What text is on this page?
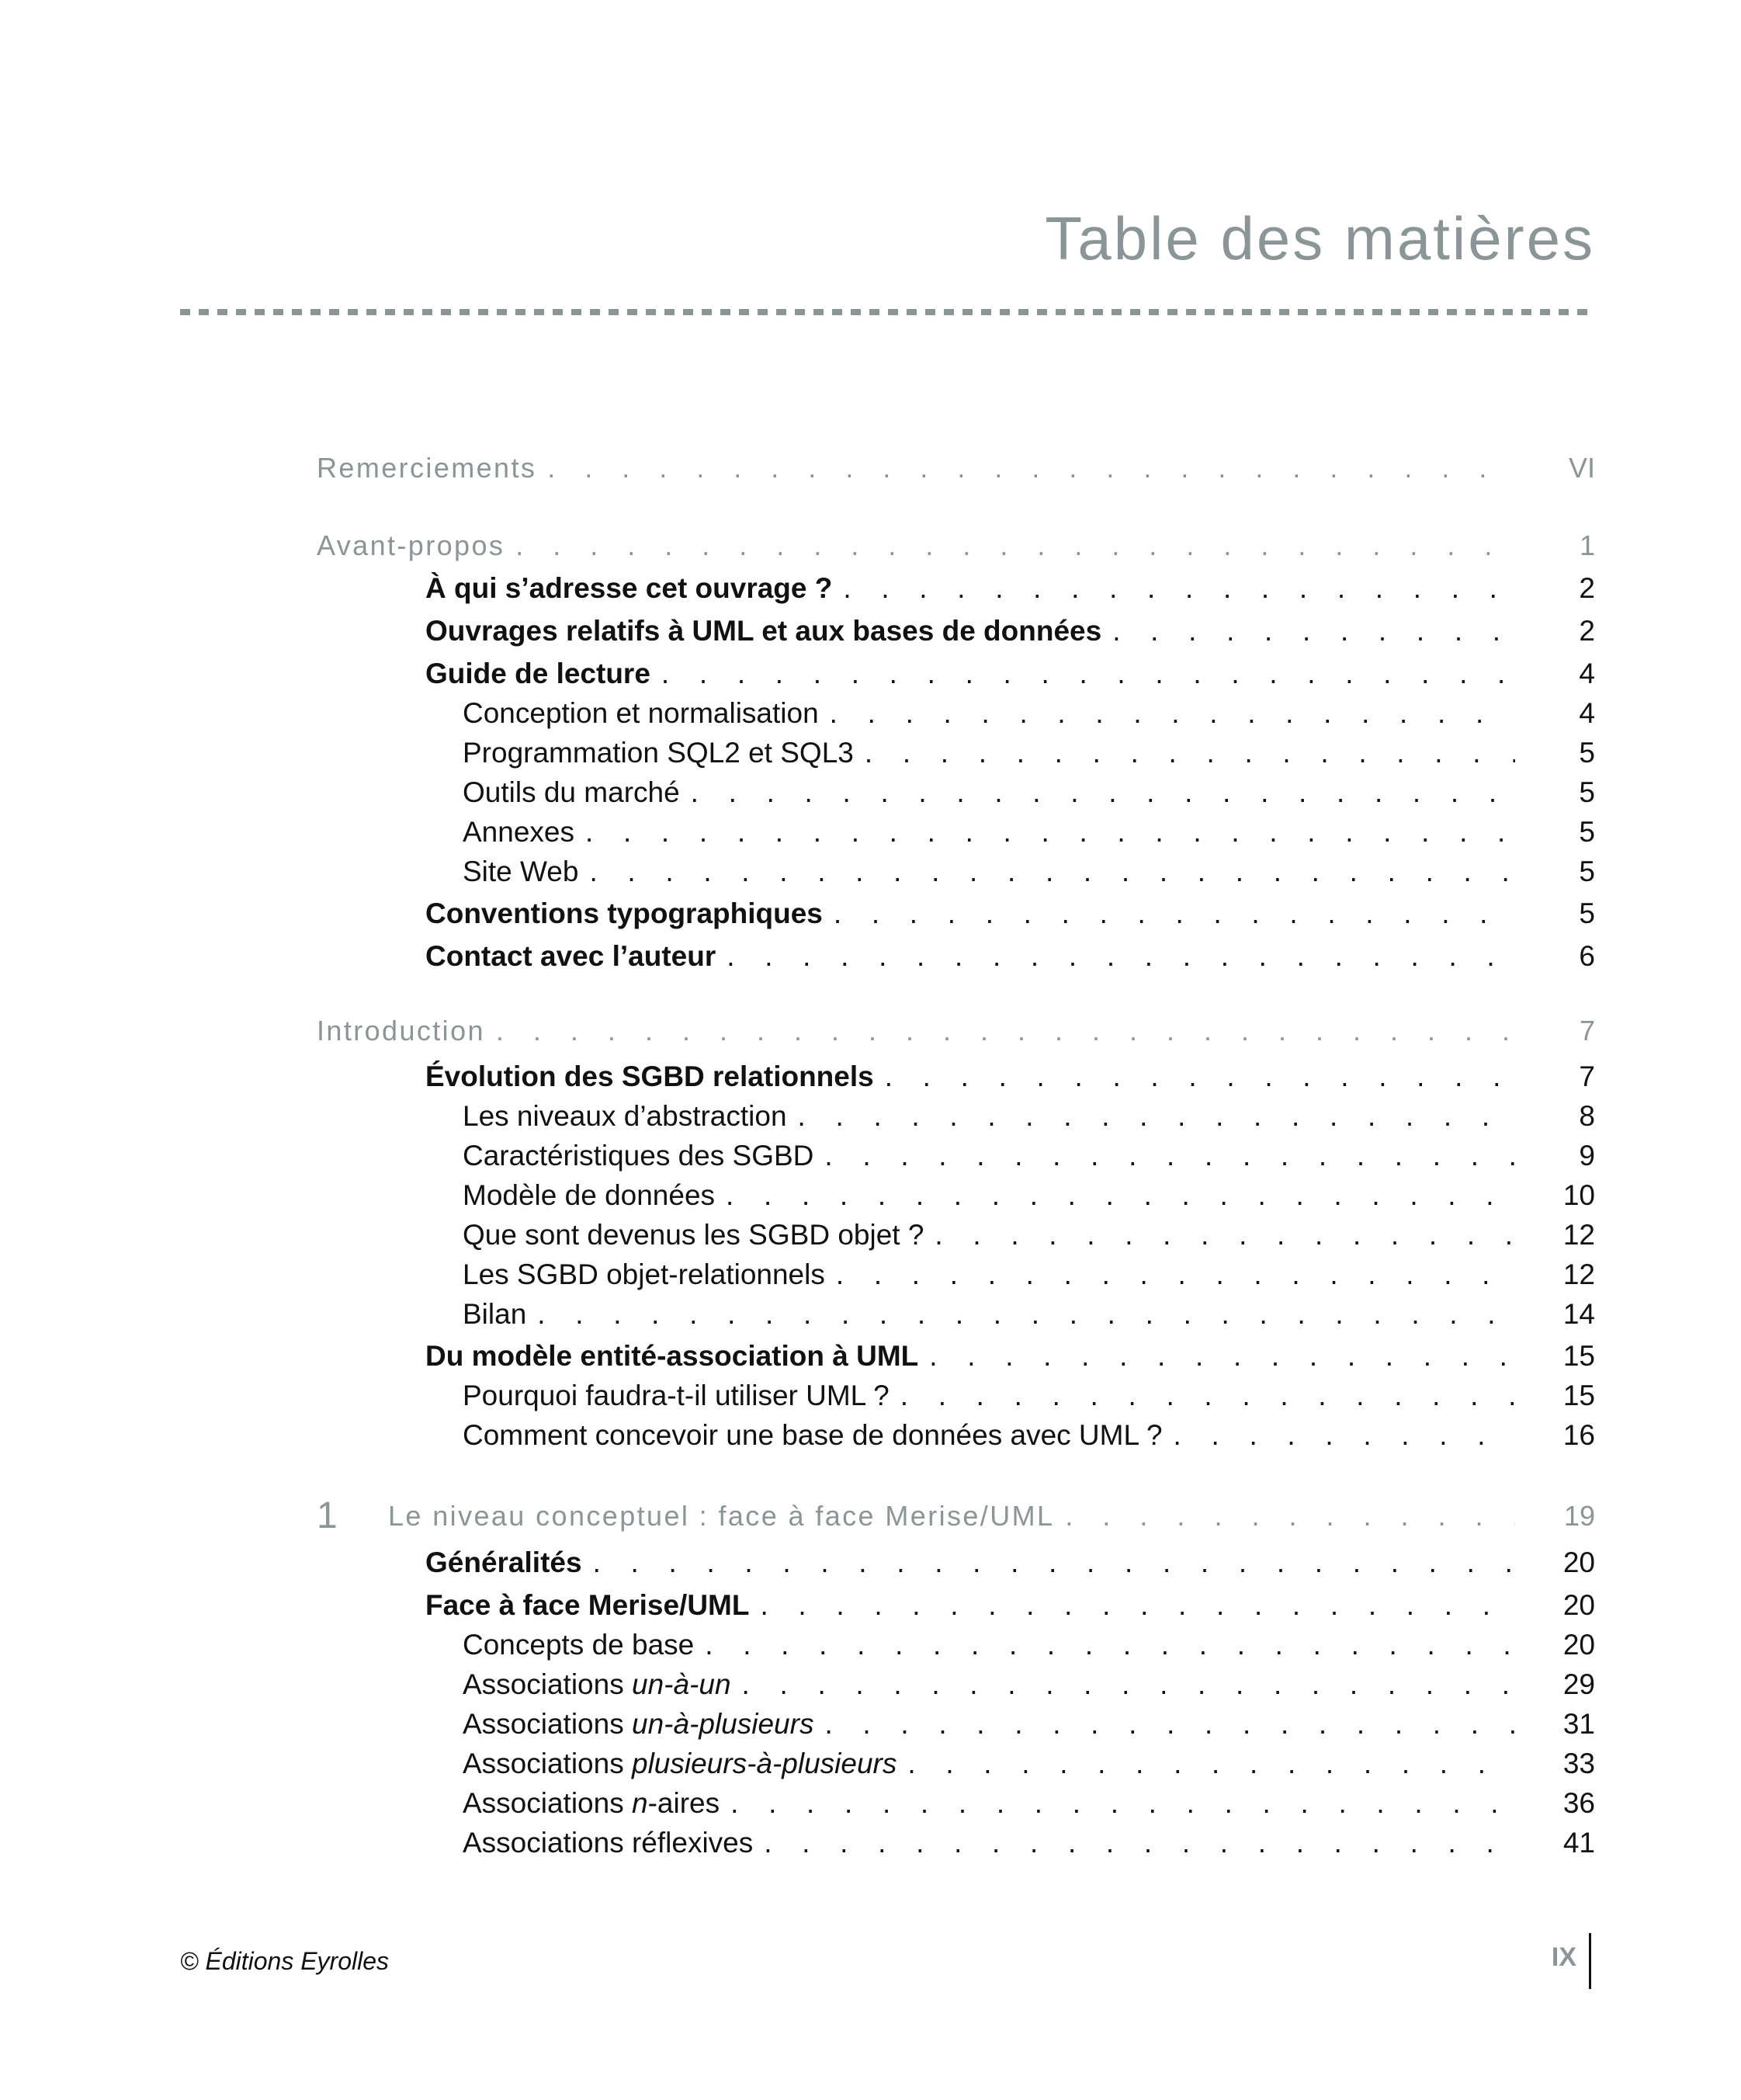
Table des matières
Remerciements . . .	VI
Avant-propos . . .	1
À qui s’adresse cet ouvrage ? . . .	2
Ouvrages relatifs à UML et aux bases de données . . .	2
Guide de lecture . . .	4
Conception et normalisation . . .	4
Programmation SQL2 et SQL3 . . .	5
Outils du marché . . .	5
Annexes . . .	5
Site Web . . .	5
Conventions typographiques . . .	5
Contact avec l’auteur . . .	6
Introduction . . .	7
Évolution des SGBD relationnels . . .	7
Les niveaux d’abstraction . . .	8
Caractéristiques des SGBD . . .	9
Modèle de données . . .	10
Que sont devenus les SGBD objet ? . . .	12
Les SGBD objet-relationnels . . .	12
Bilan . . .	14
Du modèle entité-association à UML . . .	15
Pourquoi faudra-t-il utiliser UML ? . . .	15
Comment concevoir une base de données avec UML ? . . .	16
1 Le niveau conceptuel : face à face Merise/UML . . .	19
Généralités . . .	20
Face à face Merise/UML . . .	20
Concepts de base . . .	20
Associations un-à-un . . .	29
Associations un-à-plusieurs . . .	31
Associations plusieurs-à-plusieurs . . .	33
Associations n-aires . . .	36
Associations réflexives . . .	41
© Éditions Eyrolles	IX
